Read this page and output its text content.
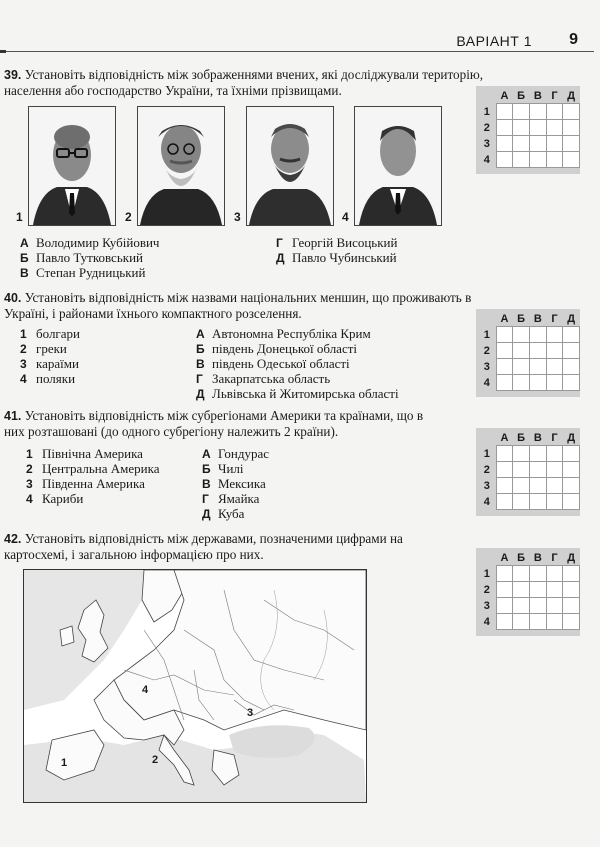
ВАРІАНТ 1 9
39. Установіть відповідність між зображеннями вчених, які досліджували територію, населення або господарство України, та їхніми прізвищами.
1	2	3	4
А Володимир Кубійович
Б Павло Тутковський
В Степан Рудницький
Г Георгій Висоцький
Д Павло Чубинський
	А	Б	В	Г	Д
1					
2					
3					
4					
40. Установіть відповідність між назвами національних меншин, що проживають в Україні, і районами їхнього компактного розселення.
1 болгари
2 греки
3 караїми
4 поляки
А Автономна Республіка Крим
Б південь Донецької області
В південь Одеської області
Г Закарпатська область
Д Львівська й Житомирська області
	А	Б	В	Г	Д
1					
2					
3					
4					
41. Установіть відповідність між субрегіонами Америки та країнами, що в них розташовані (до одного субрегіону належить 2 країни).
1 Північна Америка
2 Центральна Америка
3 Південна Америка
4 Кариби
А Гондурас
Б Чилі
В Мексика
Г Ямайка
Д Куба
	А	Б	В	Г	Д
1					
2					
3					
4					
42. Установіть відповідність між державами, позначеними цифрами на картосхемі, і загальною інформацією про них.
		А	Б	В	Г	Д
1					
2					
3					
4					
1	2
3
4
